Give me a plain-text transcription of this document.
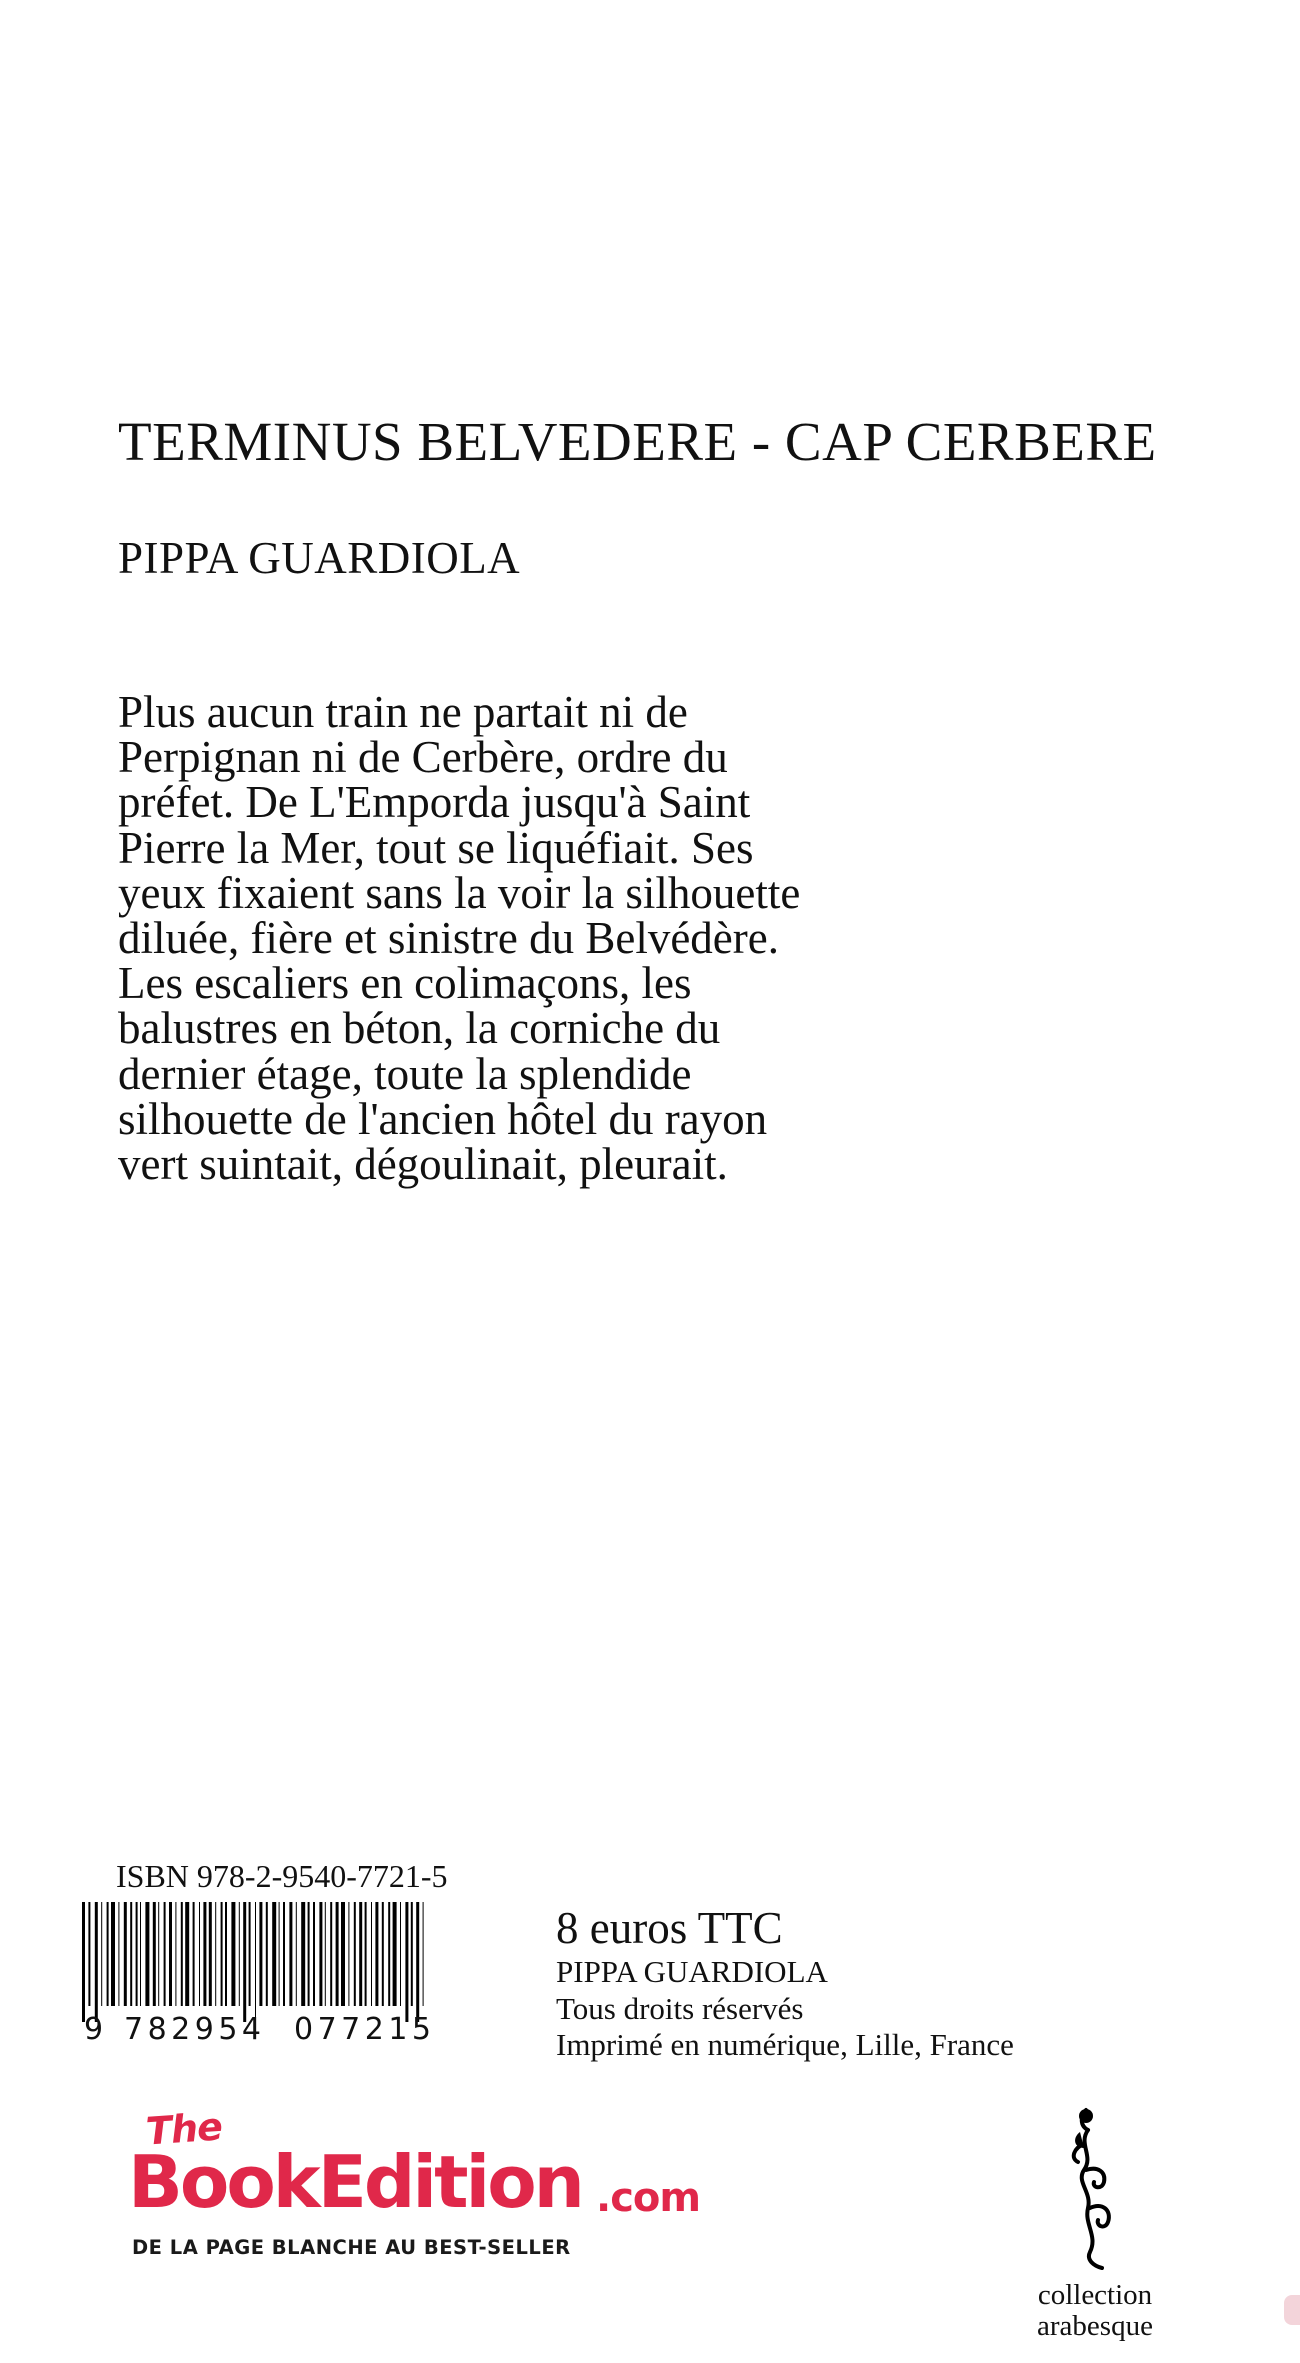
TERMINUS BELVEDERE - CAP CERBERE
PIPPA GUARDIOLA
Plus aucun train ne partait ni de
Perpignan ni de Cerbère, ordre du
préfet. De L'Emporda jusqu'à Saint
Pierre la Mer, tout se liquéfiait. Ses
yeux fixaient sans la voir la silhouette
diluée, fière et sinistre du Belvédère.
Les escaliers en colimaçons, les
balustres en béton, la corniche du
dernier étage, toute la splendide
silhouette de l'ancien hôtel du rayon
vert suintait, dégoulinait, pleurait.
ISBN 978-2-9540-7721-5
9 782954 077215
8 euros TTC
PIPPA GUARDIOLA
Tous droits réservés
Imprimé en numérique, Lille, France
The
BookEdition .com
DE LA PAGE BLANCHE AU BEST-SELLER
collection
arabesque
